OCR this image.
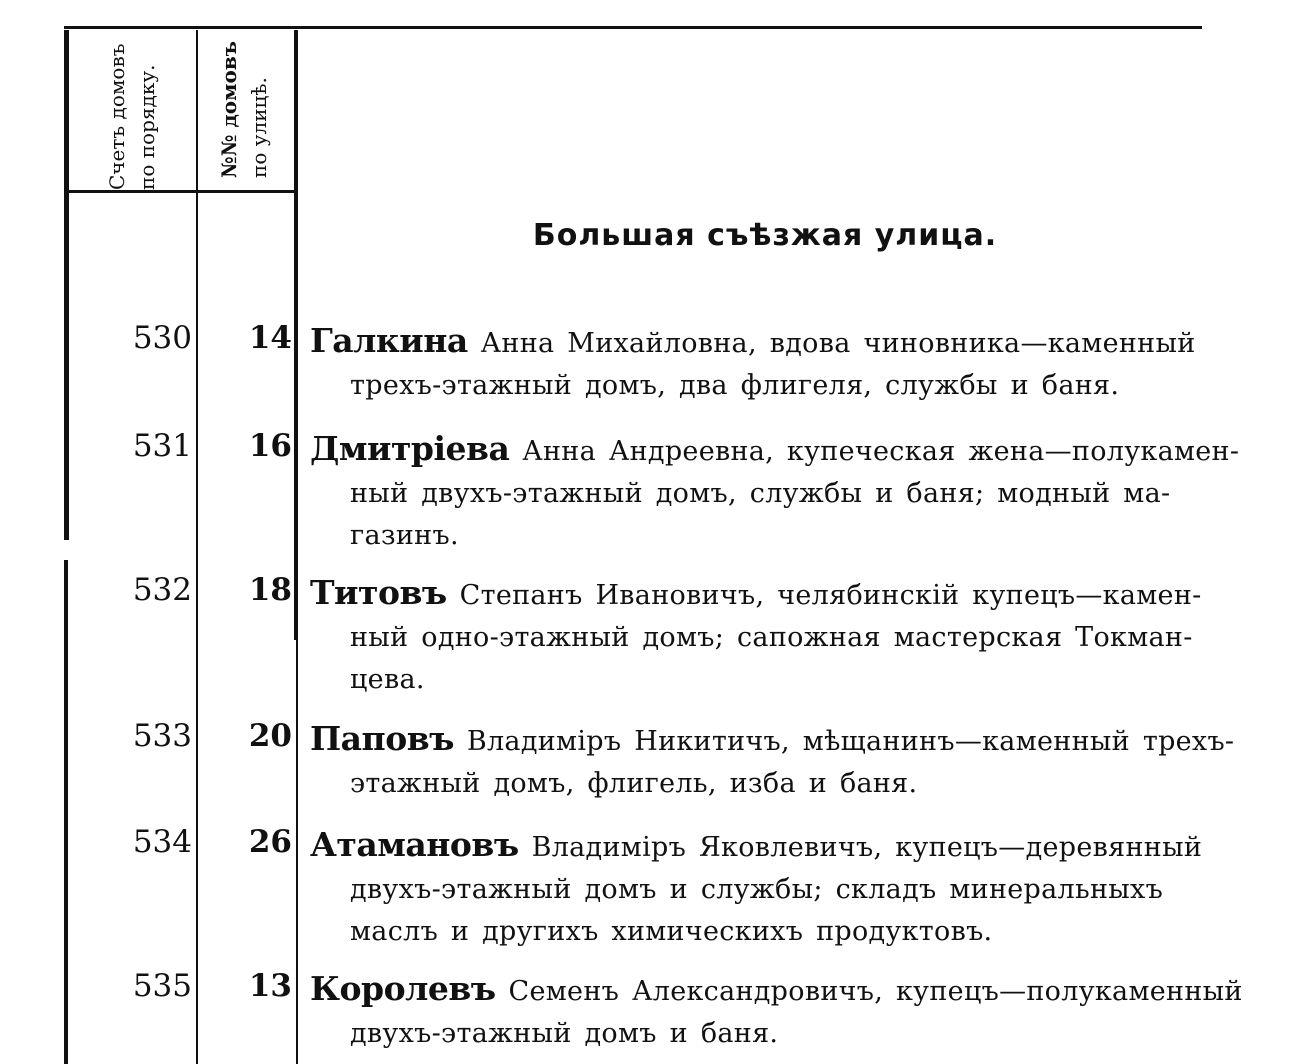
Счетъ домовъ по порядку.	№№ домовъ по улицѣ.
Большая съѣзжая улица.
530	14 Галкина Анна Михайловна, вдова чиновника—каменный
трехъ-этажный домъ, два флигеля, службы и баня.
531	16 Дмитріева Анна Андреевна, купеческая жена—полукамен-
ный двухъ-этажный домъ, службы и баня; модный ма-
газинъ.
532	18 Титовъ Степанъ Ивановичъ, челябинскій купецъ—камен-
ный одно-этажный домъ; сапожная мастерская Токман-
цева.
533	20 Паповъ Владиміръ Никитичъ, мѣщанинъ—каменный трехъ-
этажный домъ, флигель, изба и баня.
534	26 Атамановъ Владиміръ Яковлевичъ, купецъ—деревянный
двухъ-этажный домъ и службы; складъ минеральныхъ
маслъ и другихъ химическихъ продуктовъ.
535	13 Королевъ Семенъ Александровичъ, купецъ—полукаменный
двухъ-этажный домъ и баня.
